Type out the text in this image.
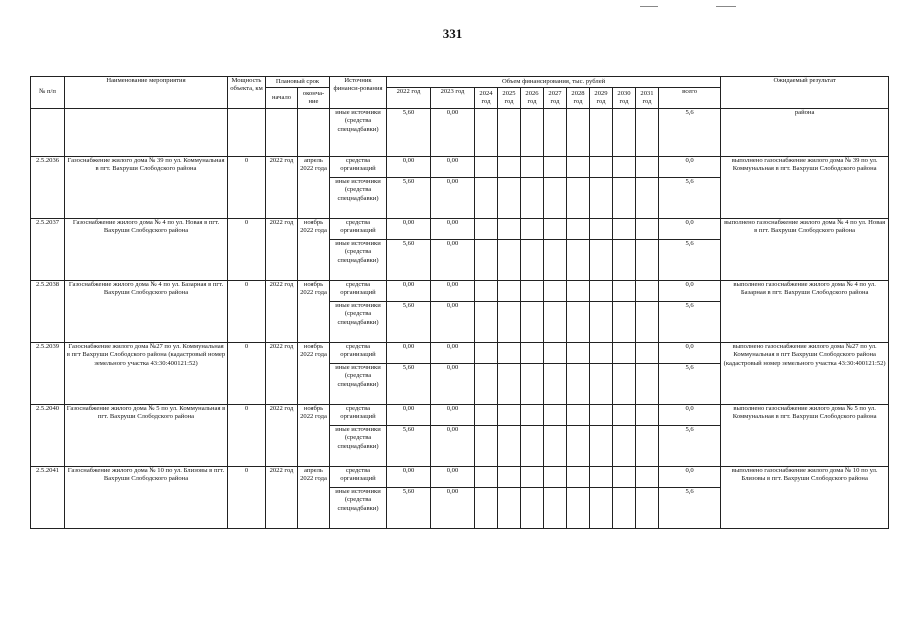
331
№ п/п	Наименование мероприятия	Мощность объекта, км	Плановый срок		Источник финанси-рования	Объем финансирования, тыс. рублей											Ожидаемый результат
			начало	оконча-ние		2022 год	2023 год	2024 год	2025 год	2026 год	2027 год	2028 год	2029 год	2030 год	2031 год	всего	
					иные источники (средства спецнадбавки)	5,60	0,00									5,6	района
2.5.2036	Газоснабжение жилого дома № 39 по ул. Коммунальная в пгт. Вахруши Слободского района	0	2022 год	апрель 2022 года	средства организаций	0,00	0,00									0,0	выполнено газоснабжение жилого дома № 39 по ул. Коммунальная в пгт. Вахруши Слободского района
					иные источники (средства спецнадбавки)	5,60	0,00									5,6	
2.5.2037	Газоснабжение жилого дома № 4 по ул. Новая в пгт. Вахруши Слободского района	0	2022 год	ноябрь 2022 года	средства организаций	0,00	0,00									0,0	выполнено газоснабжение жилого дома № 4 по ул. Новая в пгт. Вахруши Слободского района
					иные источники (средства спецнадбавки)	5,60	0,00									5,6	
2.5.2038	Газоснабжение жилого дома № 4 по ул. Базарная в пгт. Вахруши Слободского района	0	2022 год	ноябрь 2022 года	средства организаций	0,00	0,00									0,0	выполнено газоснабжение жилого дома № 4 по ул. Базарная в пгт. Вахруши Слободского района
					иные источники (средства спецнадбавки)	5,60	0,00									5,6	
2.5.2039	Газоснабжение жилого дома №27 по ул. Коммунальная в пгт Вахруши Слободского района (кадастровый номер земельного участка 43:30:400121:52)	0	2022 год	ноябрь 2022 года	средства организаций	0,00	0,00									0,0	выполнено газоснабжение жилого дома №27 по ул. Коммунальная в пгт Вахруши Слободского района (кадастровый номер земельного участка 43:30:400121:52)
					иные источники (средства спецнадбавки)	5,60	0,00									5,6	
2.5.2040	Газоснабжение жилого дома № 5 по ул. Коммунальная в пгт. Вахруши Слободского района	0	2022 год	ноябрь 2022 года	средства организаций	0,00	0,00									0,0	выполнено газоснабжение жилого дома № 5 по ул. Коммунальная в пгт. Вахруши Слободского района
					иные источники (средства спецнадбавки)	5,60	0,00									5,6	
2.5.2041	Газоснабжение жилого дома № 10 по ул. Близовы в пгт. Вахруши Слободского района	0	2022 год	апрель 2022 года	средства организаций	0,00	0,00									0,0	выполнено газоснабжение жилого дома № 10 по ул. Близовы в пгт. Вахруши Слободского района
					иные источники (средства спецнадбавки)	5,60	0,00									5,6	
